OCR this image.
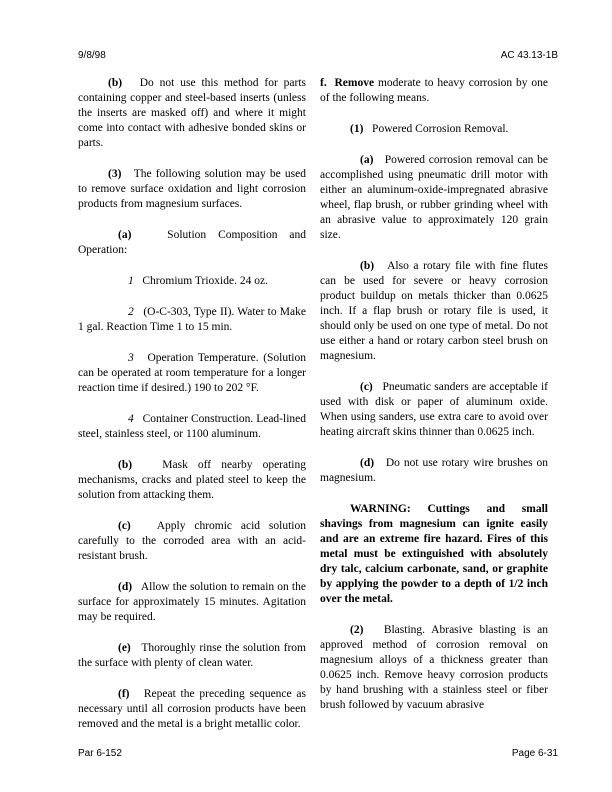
9/8/98	AC 43.13-1B

(b) Do not use this method for parts containing copper and steel-based inserts (unless the inserts are masked off) and where it might come into contact with adhesive bonded skins or parts.

(3) The following solution may be used to remove surface oxidation and light corrosion products from magnesium surfaces.

(a)	Solution Composition and Operation:

1 Chromium Trioxide. 24 oz.

2 (O-C-303, Type II). Water to Make 1 gal. Reaction Time 1 to 15 min.

3 Operation Temperature. (Solution can be operated at room temperature for a longer reaction time if desired.) 190 to 202 °F.

4 Container Construction. Lead-lined steel, stainless steel, or 1100 aluminum.

(b)	Mask off nearby operating mechanisms, cracks and plated steel to keep the solution from attacking them.

(c) Apply chromic acid solution carefully to the corroded area with an acid-resistant brush.

(d) Allow the solution to remain on the surface for approximately 15 minutes. Agitation may be required.

(e) Thoroughly rinse the solution from the surface with plenty of clean water.

(f) Repeat the preceding sequence as necessary until all corrosion products have been removed and the metal is a bright metallic color.

f. Remove moderate to heavy corrosion by one of the following means.

(1) Powered Corrosion Removal.

(a) Powered corrosion removal can be accomplished using pneumatic drill motor with either an aluminum-oxide-impregnated abrasive wheel, flap brush, or rubber grinding wheel with an abrasive value to approximately 120 grain size.

(b) Also a rotary file with fine flutes can be used for severe or heavy corrosion product buildup on metals thicker than 0.0625 inch. If a flap brush or rotary file is used, it should only be used on one type of metal. Do not use either a hand or rotary carbon steel brush on magnesium.

(c) Pneumatic sanders are acceptable if used with disk or paper of aluminum oxide. When using sanders, use extra care to avoid over heating aircraft skins thinner than 0.0625 inch.

(d) Do not use rotary wire brushes on magnesium.

WARNING: Cuttings and small shavings from magnesium can ignite easily and are an extreme fire hazard. Fires of this metal must be extinguished with absolutely dry talc, calcium carbonate, sand, or graphite by applying the powder to a depth of 1/2 inch over the metal.

(2) Blasting. Abrasive blasting is an approved method of corrosion removal on magnesium alloys of a thickness greater than 0.0625 inch. Remove heavy corrosion products by hand brushing with a stainless steel or fiber brush followed by vacuum abrasive

Par 6-152	Page 6-31
